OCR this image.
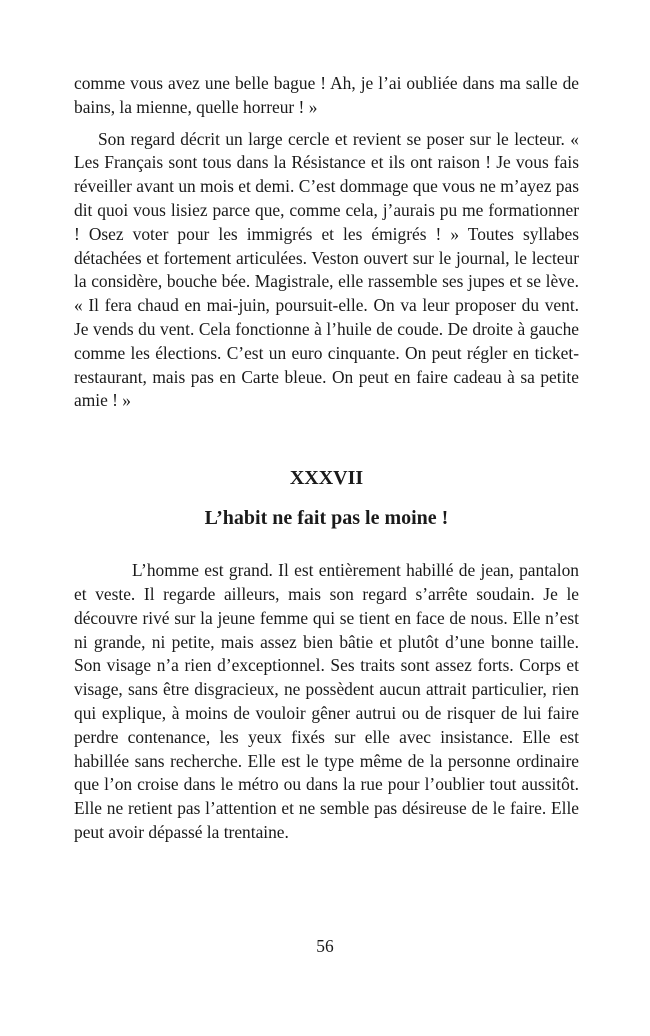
comme vous avez une belle bague ! Ah, je l’ai oubliée dans ma salle de bains, la mienne, quelle horreur ! »

Son regard décrit un large cercle et revient se poser sur le lecteur. « Les Français sont tous dans la Résistance et ils ont raison ! Je vous fais réveiller avant un mois et demi. C’est dommage que vous ne m’ayez pas dit quoi vous lisiez parce que, comme cela, j’aurais pu me formationner ! Osez voter pour les immigrés et les émigrés ! » Toutes syllabes détachées et fortement articulées. Veston ouvert sur le journal, le lecteur la considère, bouche bée. Magistrale, elle rassemble ses jupes et se lève. « Il fera chaud en mai-juin, poursuit-elle. On va leur proposer du vent. Je vends du vent. Cela fonctionne à l’huile de coude. De droite à gauche comme les élections. C’est un euro cinquante. On peut régler en ticket-restaurant, mais pas en Carte bleue. On peut en faire cadeau à sa petite amie ! »

XXXVII
L’habit ne fait pas le moine !

L’homme est grand. Il est entièrement habillé de jean, pantalon et veste. Il regarde ailleurs, mais son regard s’arrête soudain. Je le découvre rivé sur la jeune femme qui se tient en face de nous. Elle n’est ni grande, ni petite, mais assez bien bâtie et plutôt d’une bonne taille. Son visage n’a rien d’exceptionnel. Ses traits sont assez forts. Corps et visage, sans être disgracieux, ne possèdent aucun attrait particulier, rien qui explique, à moins de vouloir gêner autrui ou de risquer de lui faire perdre contenance, les yeux fixés sur elle avec insistance. Elle est habillée sans recherche. Elle est le type même de la personne ordinaire que l’on croise dans le métro ou dans la rue pour l’oublier tout aussitôt. Elle ne retient pas l’attention et ne semble pas désireuse de le faire. Elle peut avoir dépassé la trentaine.

56
